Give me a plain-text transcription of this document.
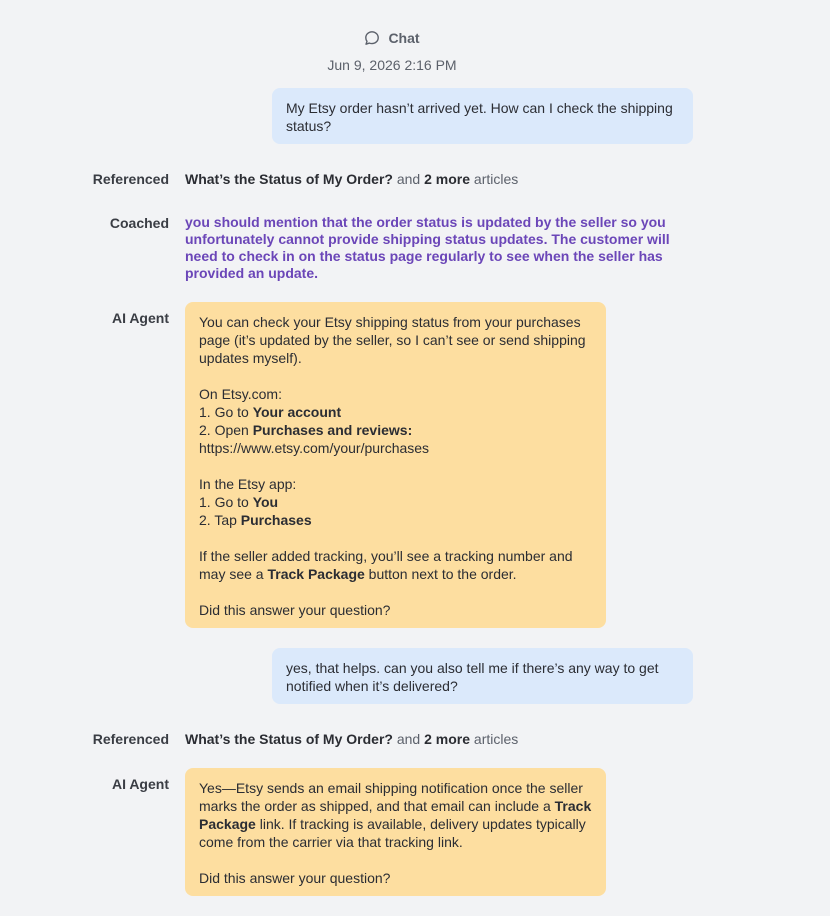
Chat
Jun 9, 2026 2:16 PM
My Etsy order hasn’t arrived yet. How can I check the shipping status?
Referenced What’s the Status of My Order? and 2 more articles
Coached you should mention that the order status is updated by the seller so you unfortunately cannot provide shipping status updates. The customer will need to check in on the status page regularly to see when the seller has provided an update.
AI Agent You can check your Etsy shipping status from your purchases page (it’s updated by the seller, so I can’t see or send shipping updates myself).
On Etsy.com:
1. Go to Your account
2. Open Purchases and reviews:
https://www.etsy.com/your/purchases
In the Etsy app:
1. Go to You
2. Tap Purchases
If the seller added tracking, you’ll see a tracking number and may see a Track Package button next to the order.
Did this answer your question?
yes, that helps. can you also tell me if there’s any way to get notified when it’s delivered?
Referenced What’s the Status of My Order? and 2 more articles
AI Agent Yes—Etsy sends an email shipping notification once the seller marks the order as shipped, and that email can include a Track Package link. If tracking is available, delivery updates typically come from the carrier via that tracking link.
Did this answer your question?
